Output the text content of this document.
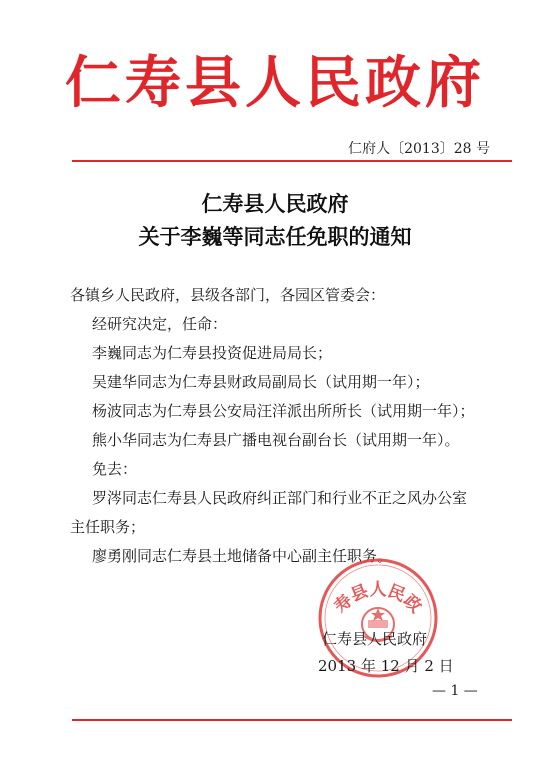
仁寿县人民政府
仁府人〔2013〕28 号
仁寿县人民政府
关于李巍等同志任免职的通知
各镇乡人民政府，县级各部门，各园区管委会：
经研究决定，任命：
李巍同志为仁寿县投资促进局局长；
吴建华同志为仁寿县财政局副局长（试用期一年）；
杨波同志为仁寿县公安局汪洋派出所所长（试用期一年）；
熊小华同志为仁寿县广播电视台副台长（试用期一年）。
免去：
罗涔同志仁寿县人民政府纠正部门和行业不正之风办公室
主任职务；
廖勇刚同志仁寿县土地储备中心副主任职务。
寿县人民政
仁寿县人民政府
2013 年 12 月 2 日
— 1 —
